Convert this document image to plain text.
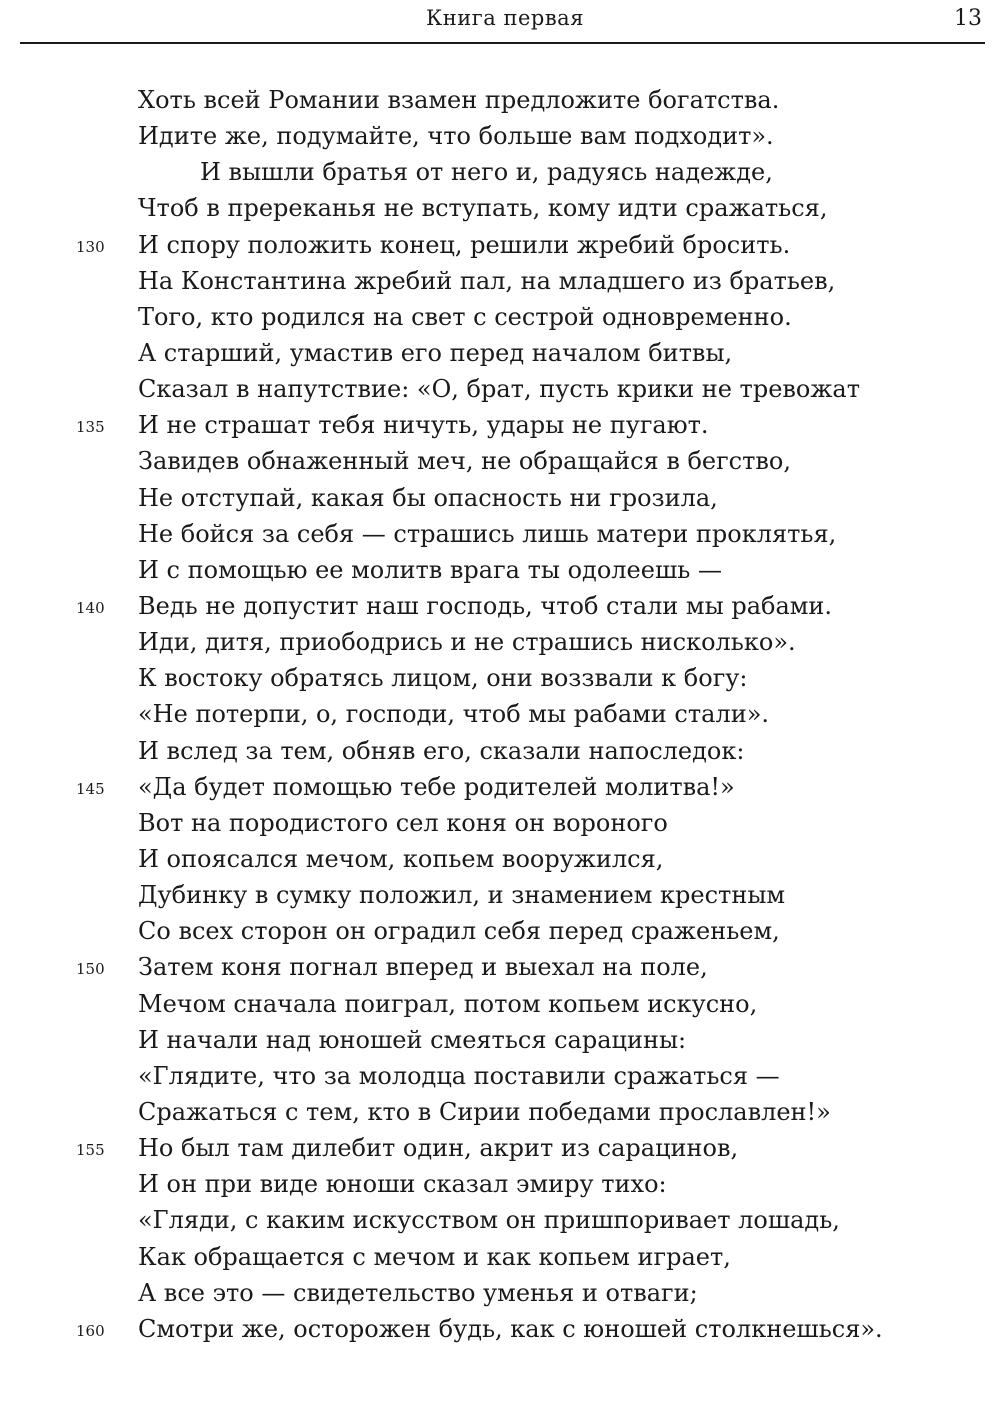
Книга первая	13
Хоть всей Романии взамен предложите богатства.
Идите же, подумайте, что больше вам подходит».
И вышли братья от него и, радуясь надежде,
Чтоб в пререканья не вступать, кому идти сражаться,
130 И спору положить конец, решили жребий бросить.
На Константина жребий пал, на младшего из братьев,
Того, кто родился на свет с сестрой одновременно.
А старший, умастив его перед началом битвы,
Сказал в напутствие: «О, брат, пусть крики не тревожат
135 И не страшат тебя ничуть, удары не пугают.
Завидев обнаженный меч, не обращайся в бегство,
Не отступай, какая бы опасность ни грозила,
Не бойся за себя — страшись лишь матери проклятья,
И с помощью ее молитв врага ты одолеешь —
140 Ведь не допустит наш господь, чтоб стали мы рабами.
Иди, дитя, приободрись и не страшись нисколько».
К востоку обратясь лицом, они воззвали к богу:
«Не потерпи, о, господи, чтоб мы рабами стали».
И вслед за тем, обняв его, сказали напоследок:
145 «Да будет помощью тебе родителей молитва!»
Вот на породистого сел коня он вороного
И опоясался мечом, копьем вооружился,
Дубинку в сумку положил, и знамением крестным
Со всех сторон он оградил себя перед сраженьем,
150 Затем коня погнал вперед и выехал на поле,
Мечом сначала поиграл, потом копьем искусно,
И начали над юношей смеяться сарацины:
«Глядите, что за молодца поставили сражаться —
Сражаться с тем, кто в Сирии победами прославлен!»
155 Но был там дилебит один, акрит из сарацинов,
И он при виде юноши сказал эмиру тихо:
«Гляди, с каким искусством он пришпоривает лошадь,
Как обращается с мечом и как копьем играет,
А все это — свидетельство уменья и отваги;
160 Смотри же, осторожен будь, как с юношей столкнешься».
